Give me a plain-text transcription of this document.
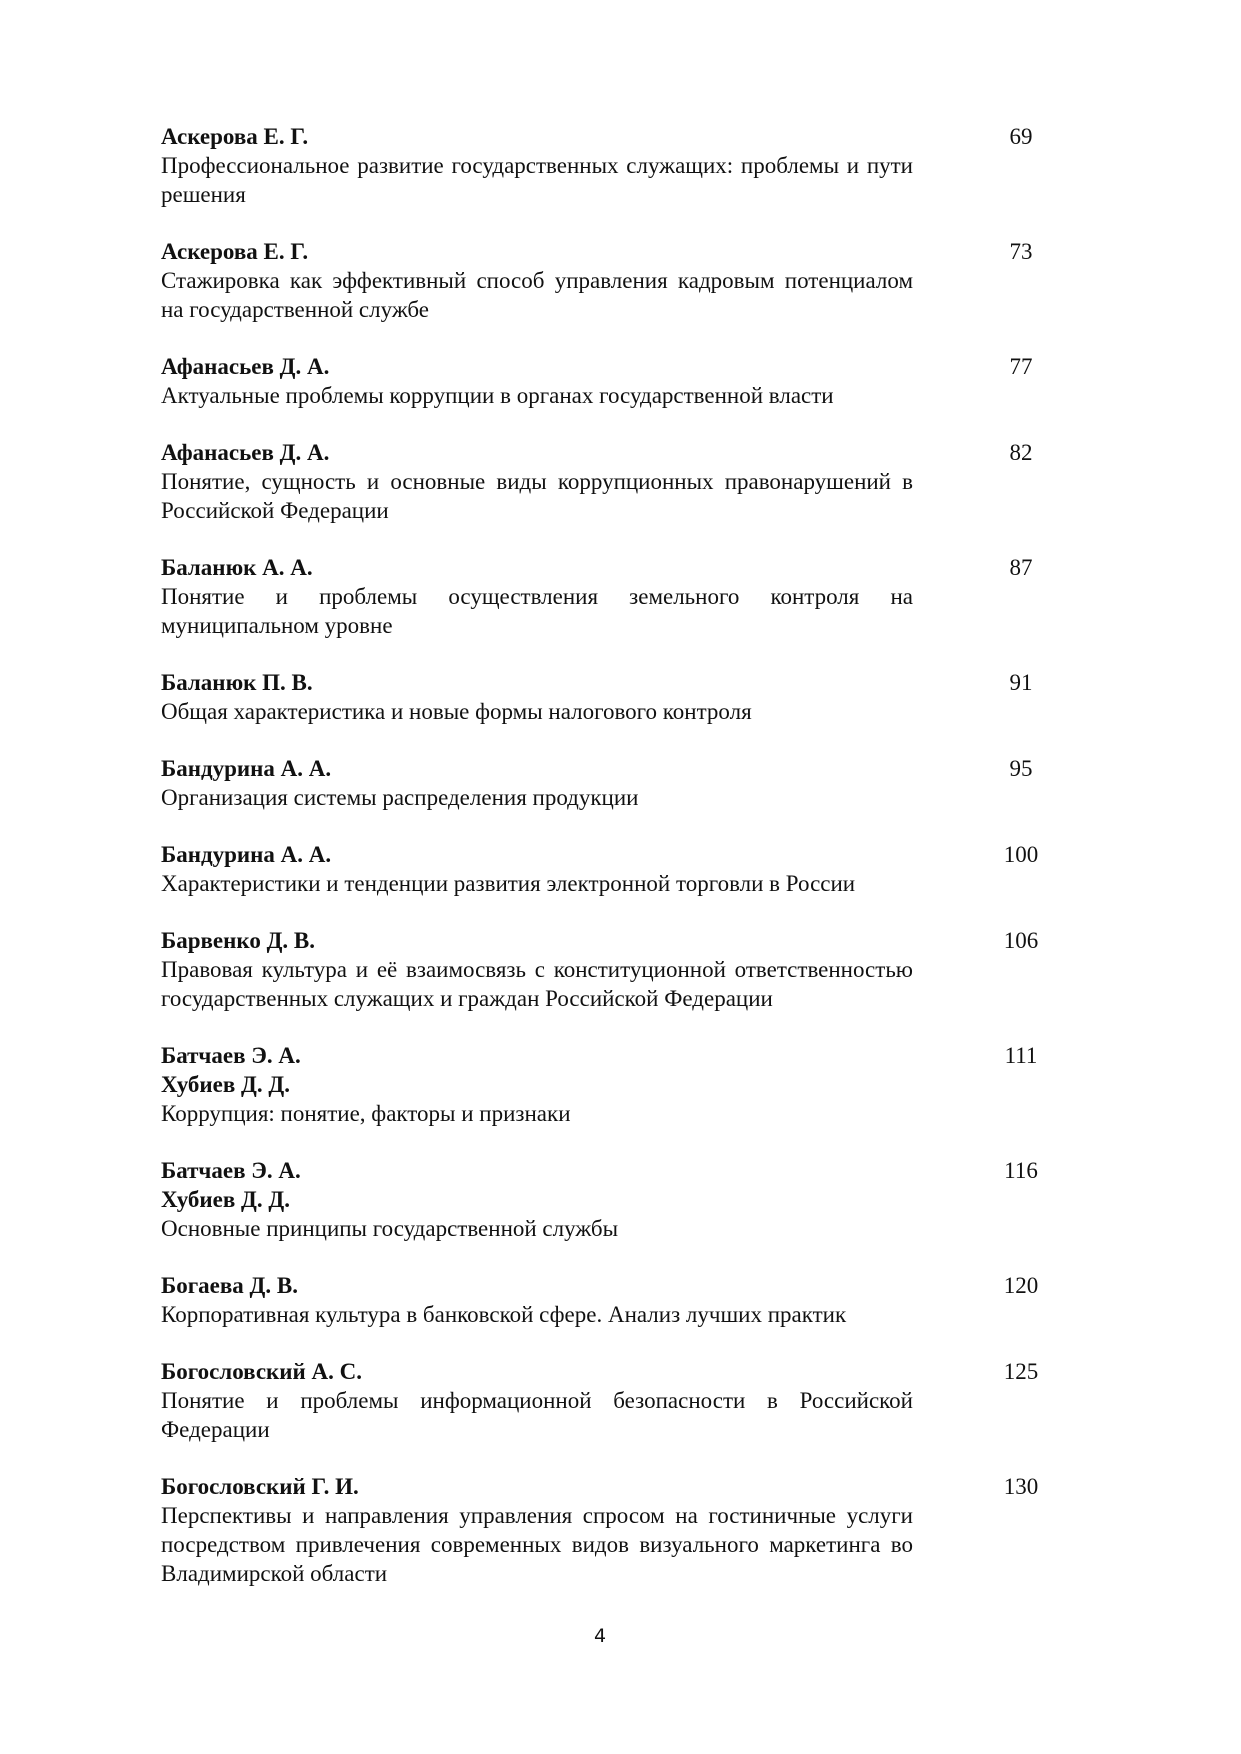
Аскерова Е. Г.
Профессиональное развитие государственных служащих: проблемы и пути решения
69
Аскерова Е. Г.
Стажировка как эффективный способ управления кадровым потенциалом на государственной службе
73
Афанасьев Д. А.
Актуальные проблемы коррупции в органах государственной власти
77
Афанасьев Д. А.
Понятие, сущность и основные виды коррупционных правонарушений в Российской Федерации
82
Баланюк А. А.
Понятие и проблемы осуществления земельного контроля на муниципальном уровне
87
Баланюк П. В.
Общая характеристика и новые формы налогового контроля
91
Бандурина А. А.
Организация системы распределения продукции
95
Бандурина А. А.
Характеристики и тенденции развития электронной торговли в России
100
Барвенко Д. В.
Правовая культура и её взаимосвязь с конституционной ответственностью государственных служащих и граждан Российской Федерации
106
Батчаев Э. А.
Хубиев Д. Д.
Коррупция: понятие, факторы и признаки
111
Батчаев Э. А.
Хубиев Д. Д.
Основные принципы государственной службы
116
Богаева Д. В.
Корпоративная культура в банковской сфере. Анализ лучших практик
120
Богословский А. С.
Понятие и проблемы информационной безопасности в Российской Федерации
125
Богословский Г. И.
Перспективы и направления управления спросом на гостиничные услуги посредством привлечения современных видов визуального маркетинга во Владимирской области
130
4
